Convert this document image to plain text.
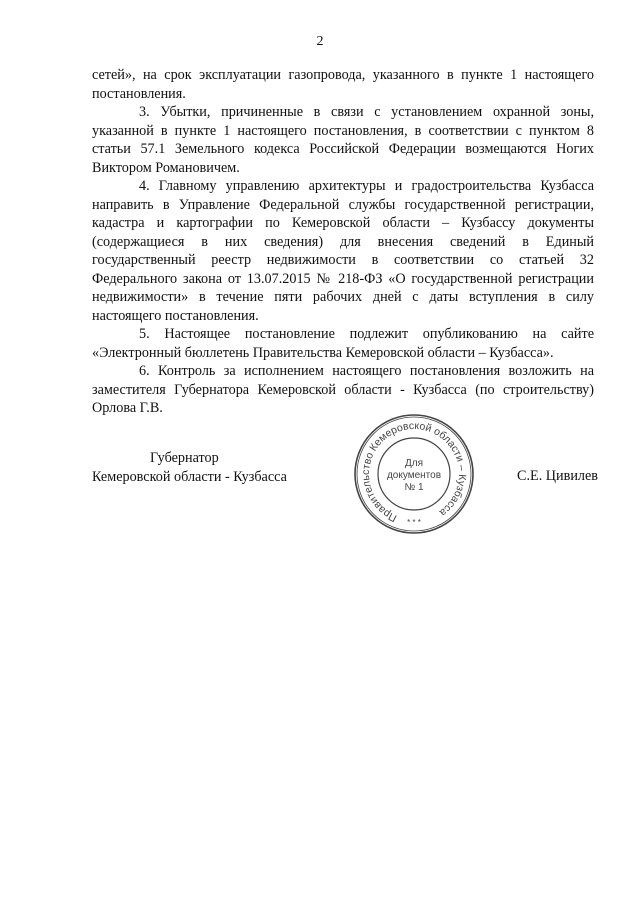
2

сетей», на срок эксплуатации газопровода, указанного в пункте 1 настоящего постановления.

3. Убытки, причиненные в связи с установлением охранной зоны, указанной в пункте 1 настоящего постановления, в соответствии с пунктом 8 статьи 57.1 Земельного кодекса Российской Федерации возмещаются Ногих Виктором Романовичем.

4. Главному управлению архитектуры и градостроительства Кузбасса направить в Управление Федеральной службы государственной регистрации, кадастра и картографии по Кемеровской области – Кузбассу документы (содержащиеся в них сведения) для внесения сведений в Единый государственный реестр недвижимости в соответствии со статьей 32 Федерального закона от 13.07.2015 № 218-ФЗ «О государственной регистрации недвижимости» в течение пяти рабочих дней с даты вступления в силу настоящего постановления.

5. Настоящее постановление подлежит опубликованию на сайте «Электронный бюллетень Правительства Кемеровской области – Кузбасса».

6. Контроль за исполнением настоящего постановления возложить на заместителя Губернатора Кемеровской области - Кузбасса (по строительству) Орлова Г.В.

Губернатор
Кемеровской области - Кузбасса	С.Е. Цивилев
Правительство Кемеровской области – Кузбасса
* * *
Для
документов
№ 1
